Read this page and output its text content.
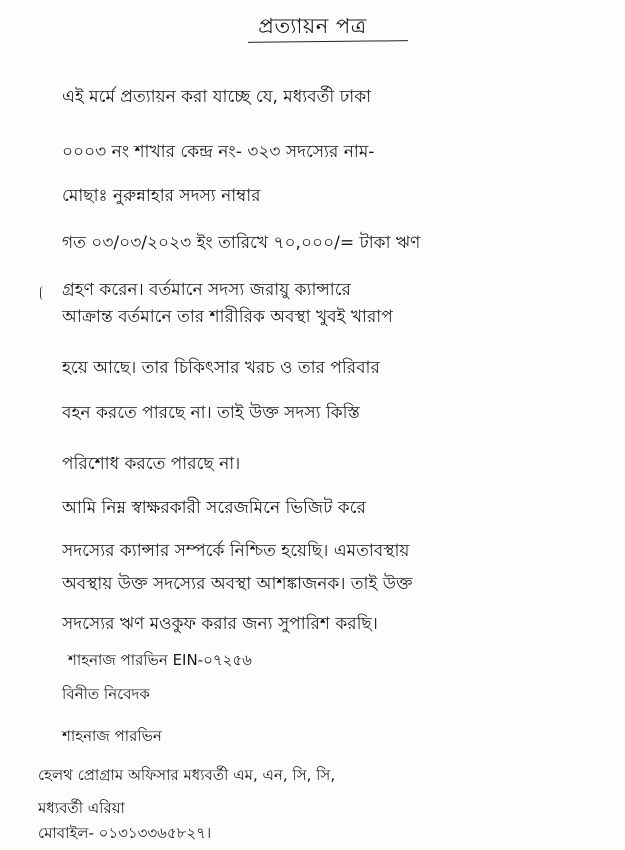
প্রত্যায়ন পত্র
এই মর্মে প্রত্যায়ন করা যাচ্ছে যে, মধ্যবর্তী ঢাকা
০০০৩ নং শাখার কেন্দ্র নং- ৩২৩ সদস্যের নাম-
মোছাঃ নুরুন্নাহার সদস্য নাম্বার
গত ০৩/০৩/২০২৩ ইং তারিখে ৭০,০০০/= টাকা ঋণ
গ্রহণ করেন। বর্তমানে সদস্য জরায়ু ক্যান্সারে
আক্রান্ত বর্তমানে তার শারীরিক অবস্থা খুবই খারাপ
হয়ে আছে। তার চিকিৎসার খরচ ও তার পরিবার
বহন করতে পারছে না। তাই উক্ত সদস্য কিস্তি
পরিশোধ করতে পারছে না।
আমি নিম্ন স্বাক্ষরকারী সরেজমিনে ভিজিট করে
সদস্যের ক্যান্সার সম্পর্কে নিশ্চিত হয়েছি। এমতাবস্থায়
অবস্থায় উক্ত সদস্যের অবস্থা আশঙ্কাজনক। তাই উক্ত
সদস্যের ঋণ মওকুফ করার জন্য সুপারিশ করছি।
শাহনাজ পারভিন EIN-০৭২৫৬
বিনীত নিবেদক
শাহনাজ পারভিন
হেলথ প্রোগ্রাম অফিসার মধ্যবর্তী এম, এন, সি, সি,
মধ্যবর্তী এরিয়া
মোবাইল- ০১৩১৩৩৬৫৮২৭।
